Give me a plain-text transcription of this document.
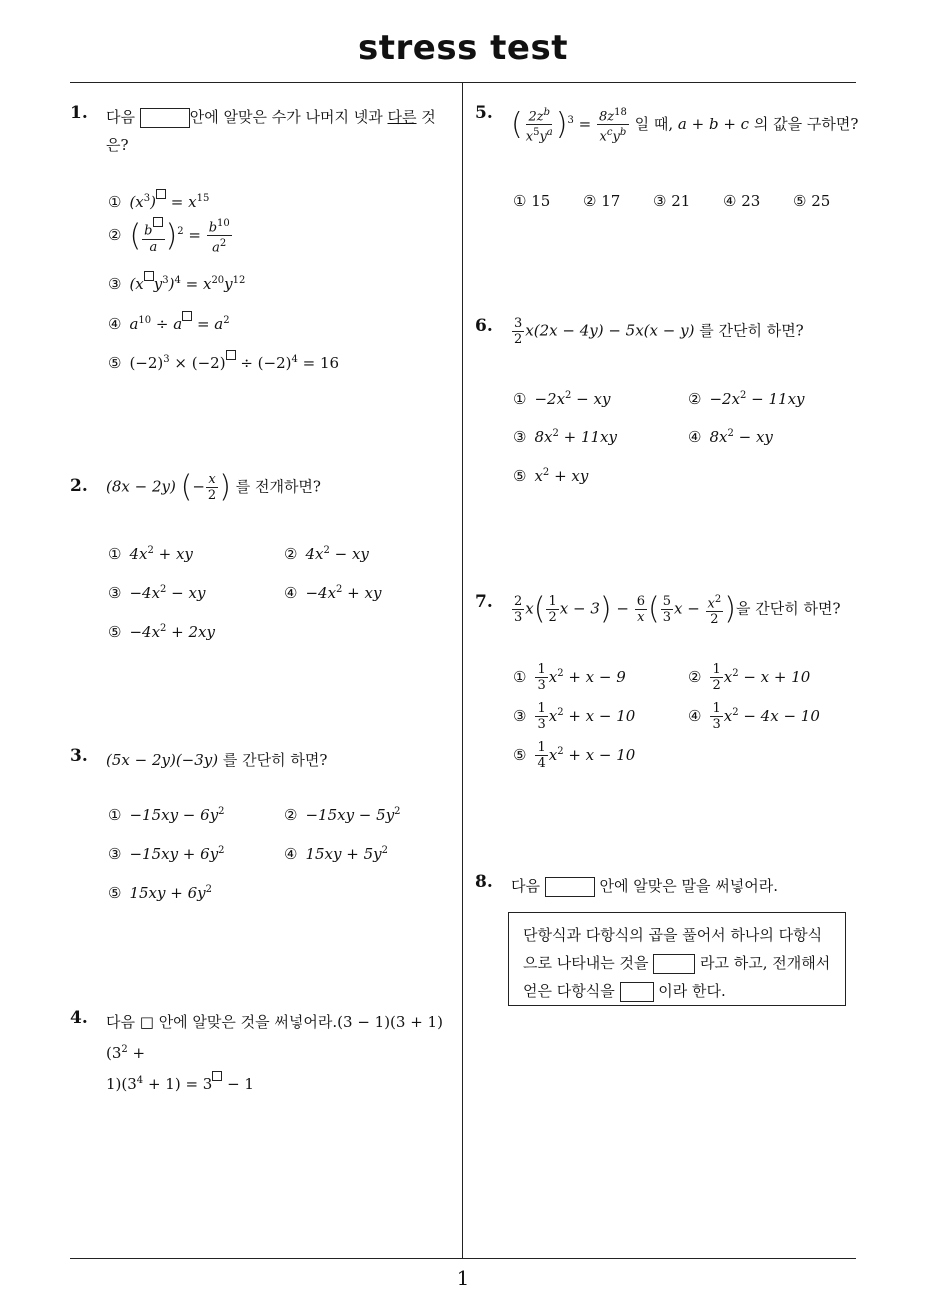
stress test
1
1. 다음	안에 알맞은 수가 나머지 넷과 다른 것
은?
① $(x^3) = x^{15}$
② ( $\frac{b}{a} )^2 = \frac{b^{10}}{a^2}$
③ (x $y^3)^4 = x^{20}y^{12}$
④ $a^{10} \div a = a^2$
⑤ $(-2)^3 \times (-2) \div (-2)^4 = 16$
2. (8x − 2y) (− $\frac{x}{2}$ ) 를 전개하면?
① $4x^2$ + xy	② $4x^2$ − xy
③ $-4x^2$ − xy	④ $-4x^2$ + xy
⑤ $-4x^2 + 2xy$
3. (5x − 2y)(−3y) 를 간단히 하면?
① $-15xy - 6y^2$	② $-15xy - 5y^2$
③ $-15xy + 6y^2$	④ $15xy + 5y^2$
⑤ $15xy + 6y^2$
4. 다음 □ 안에 알맞은 것을 써넣어라$.(3 - 1)(3 + 1)(3^2$ +
$1)(3^4 + 1) = 3 - 1$
5. ( $\frac{2z^b}{x^5y^a} )^3 = \frac{8z^{18}}{x^cy^b}$ 일 때, a + b + c 의 값을 구하면?
① 15 ② 17 ③ 21 ④ 23 ⑤ 25
6. $\frac{3}{2} x(2x - 4y) - 5x(x - y)$ 를 간단히 하면?
① $-2x^2$ − xy	② $-2x^2 - 11xy$
③ $8x^2 + 11xy$	④ $8x^2$ − xy
⑤ $x^2$ + xy
7. $\frac{2}{3} x( \frac{1}{2}$ $x - 3) - \frac{6}{x}$ ( $\frac{5}{3}$ $x - \frac{x^2}{2}$ )을 간단히 하면?
① $\frac{1}{3} x^2 + x - 9$	② $\frac{1}{2} x^2 - x + 10$
③ $\frac{1}{3} x^2 + x - 10$	④ $\frac{1}{3} x^2 - 4x - 10$
⑤ $\frac{1}{4} x^2 + x - 10$
8. 다음	안에 알맞은 말을 써넣어라.
단항식과 다항식의 곱을 풀어서 하나의 다항식
으로 나타내는 것을	라고 하고, 전개해서
얻은 다항식을	이라 한다.
